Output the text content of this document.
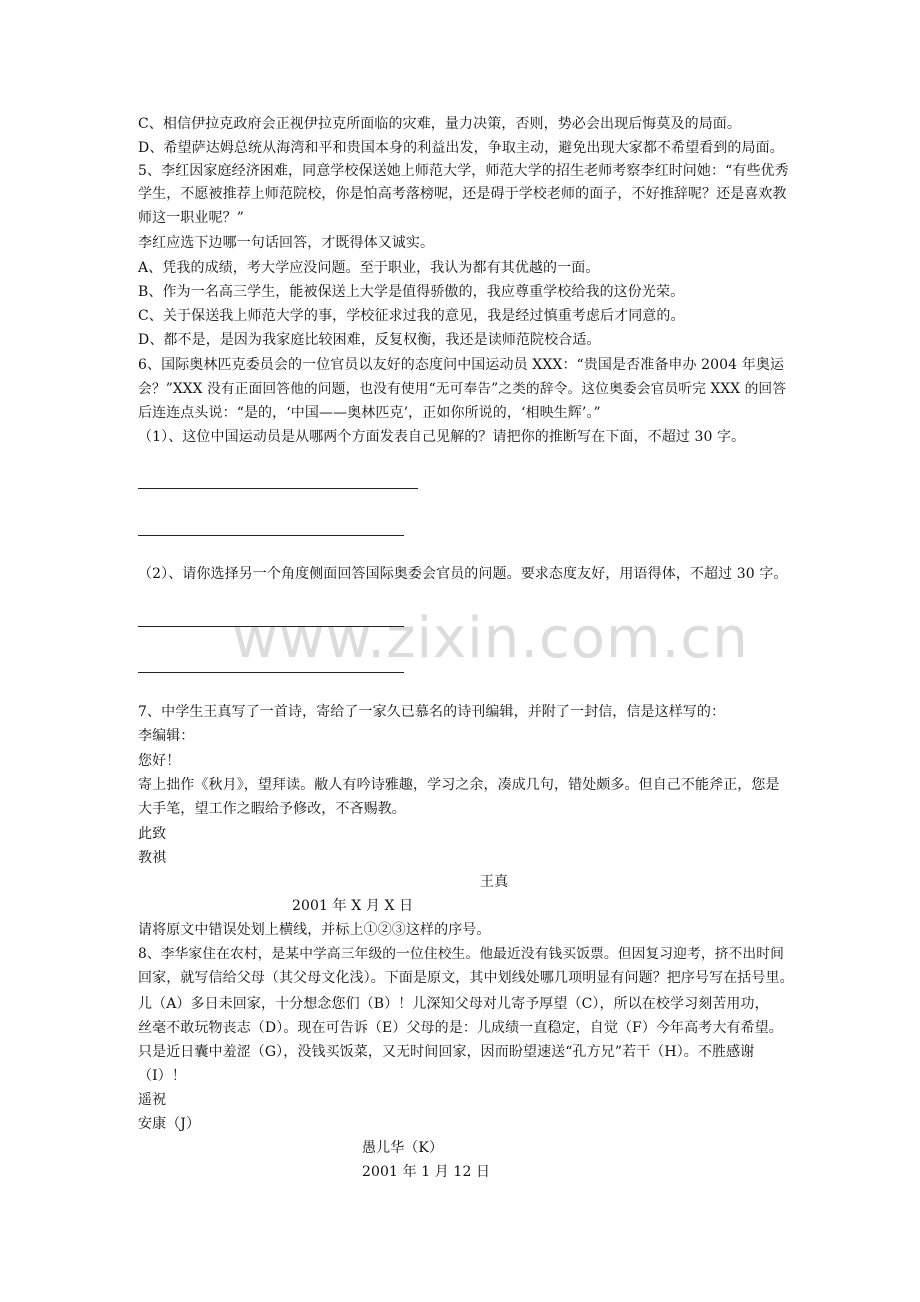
www.zixin.com.cn
C、相信伊拉克政府会正视伊拉克所面临的灾难，量力决策，否则，势必会出现后悔莫及的局面。
D、希望萨达姆总统从海湾和平和贵国本身的利益出发，争取主动，避免出现大家都不希望看到的局面。
5、李红因家庭经济困难，同意学校保送她上师范大学，师范大学的招生老师考察李红时问她：“有些优秀
学生，不愿被推荐上师范院校，你是怕高考落榜呢，还是碍于学校老师的面子，不好推辞呢？还是喜欢教
师这一职业呢？”
李红应选下边哪一句话回答，才既得体又诚实。
A、凭我的成绩，考大学应没问题。至于职业，我认为都有其优越的一面。
B、作为一名高三学生，能被保送上大学是值得骄傲的，我应尊重学校给我的这份光荣。
C、关于保送我上师范大学的事，学校征求过我的意见，我是经过慎重考虑后才同意的。
D、都不是，是因为我家庭比较困难，反复权衡，我还是读师范院校合适。
6、国际奥林匹克委员会的一位官员以友好的态度问中国运动员 XXX：“贵国是否准备申办 2004 年奥运
会？”XXX 没有正面回答他的问题，也没有使用“无可奉告”之类的辞令。这位奥委会官员听完 XXX 的回答
后连连点头说：“是的，‘中国——奥林匹克’，正如你所说的，‘相映生辉’。”
（1）、这位中国运动员是从哪两个方面发表自己见解的？请把你的推断写在下面，不超过 30 字。
（2）、请你选择另一个角度侧面回答国际奥委会官员的问题。要求态度友好，用语得体，不超过 30 字。
7、中学生王真写了一首诗，寄给了一家久已慕名的诗刊编辑，并附了一封信，信是这样写的：
李编辑：
您好！
寄上拙作《秋月》，望拜读。敝人有吟诗雅趣，学习之余，凑成几句，错处颇多。但自己不能斧正，您是
大手笔，望工作之暇给予修改，不吝赐教。
此致
教祺
王真
2001 年 X 月 X 日
请将原文中错误处划上横线，并标上①②③这样的序号。
8、李华家住在农村，是某中学高三年级的一位住校生。他最近没有钱买饭票。但因复习迎考，挤不出时间
回家，就写信给父母（其父母文化浅）。下面是原文，其中划线处哪几项明显有问题？把序号写在括号里。
儿（A）多日未回家，十分想念您们（B）！儿深知父母对儿寄予厚望（C），所以在校学习刻苦用功，
丝毫不敢玩物丧志（D）。现在可告诉（E）父母的是：儿成绩一直稳定，自觉（F）今年高考大有希望。
只是近日囊中羞涩（G），没钱买饭菜，又无时间回家，因而盼望速送“孔方兄”若干（H）。不胜感谢
（I）！
遥祝
安康（J）
愚儿华（K）
2001 年 1 月 12 日
